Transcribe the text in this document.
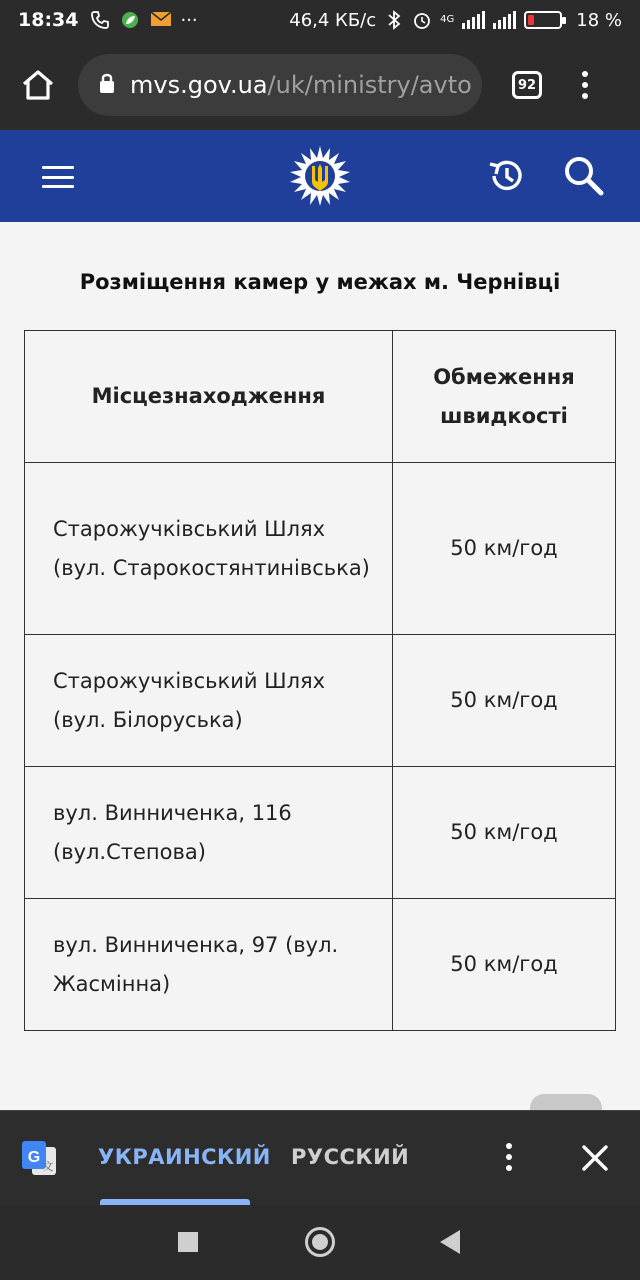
18:34	···	46,4 КБ/с	4G	18 %
mvs.gov.ua /uk/ministry/avto	92
Розміщення камер у межах м. Чернівці
Місцезнаходження	Обмеження швидкості
Старожучківський Шлях (вул. Старокостянтинівська)	50 км/год
Старожучківський Шлях (вул. Білоруська)	50 км/год
вул. Винниченка, 116 (вул.Степова)	50 км/год
вул. Винниченка, 97 (вул. Жасмінна)	50 км/год
G
文 УКРАИНСКИЙ РУССКИЙ
